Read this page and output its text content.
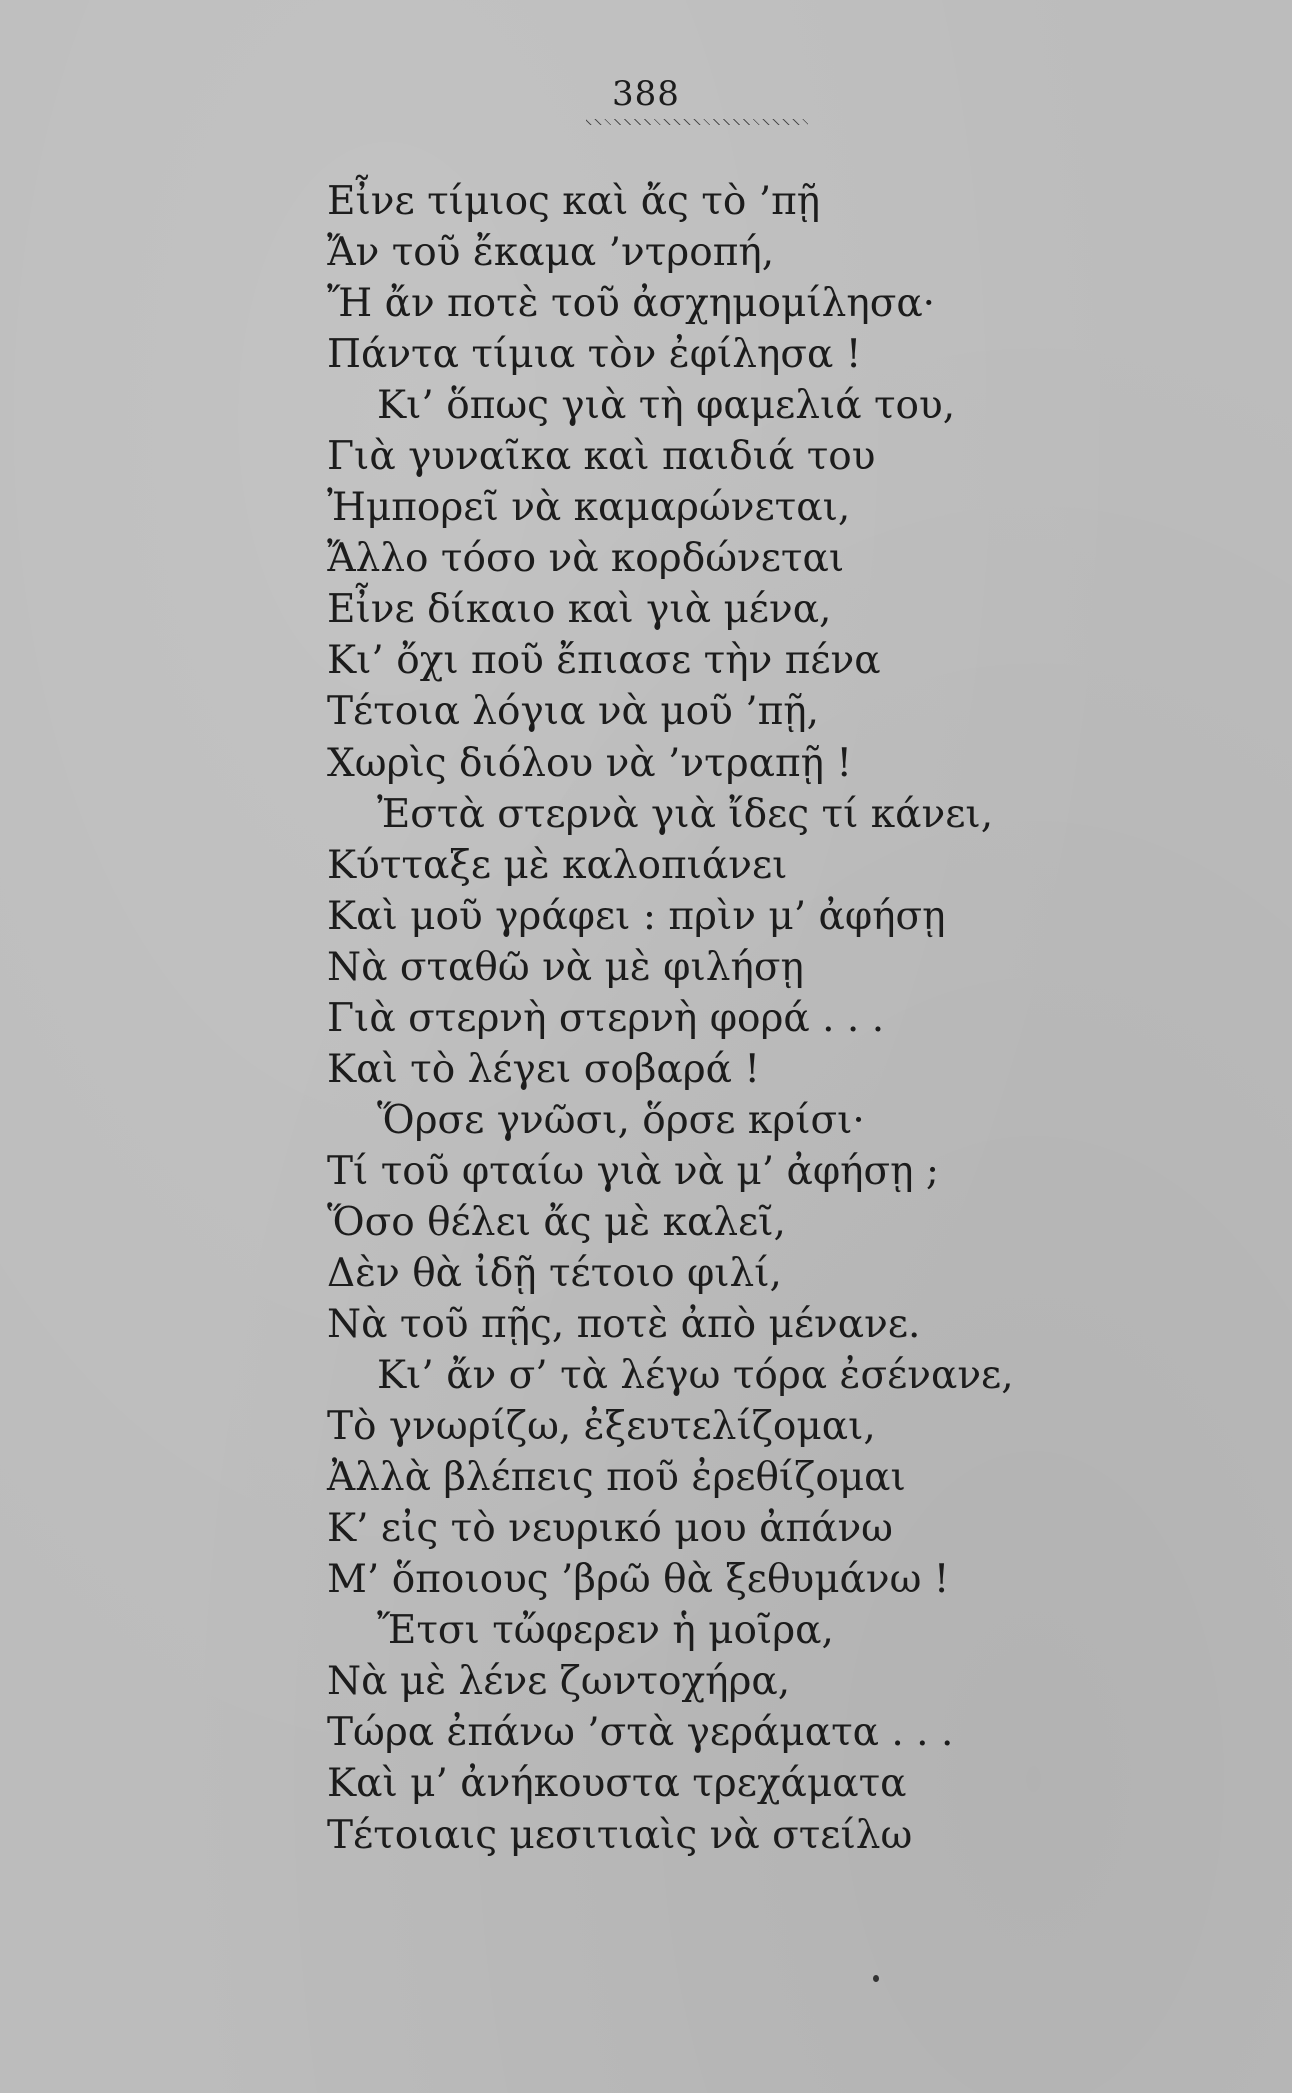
388
Εἶνε τίμιος καὶ ἄς τὸ ’πῇ
Ἄν τοῦ ἔκαμα ’ντροπή,
Ἤ ἄν ποτὲ τοῦ ἀσχημομίλησα·
Πάντα τίμια τὸν ἐφίλησα !
Κι’ ὅπως γιὰ τὴ φαμελιά του,
Γιὰ γυναῖκα καὶ παιδιά του
Ἠμπορεῖ νὰ καμαρώνεται,
Ἄλλο τόσο νὰ κορδώνεται
Εἶνε δίκαιο καὶ γιὰ μένα,
Κι’ ὄχι ποῦ ἔπιασε τὴν πένα
Τέτοια λόγια νὰ μοῦ ’πῇ,
Χωρὶς διόλου νὰ ’ντραπῇ !
Ἐστὰ στερνὰ γιὰ ἴδες τί κάνει,
Κύτταξε μὲ καλοπιάνει
Καὶ μοῦ γράφει : πρὶν μ’ ἀφήσῃ
Νὰ σταθῶ νὰ μὲ φιλήσῃ
Γιὰ στερνὴ στερνὴ φορά . . .
Καὶ τὸ λέγει σοβαρά !
Ὅρσε γνῶσι, ὅρσε κρίσι·
Τί τοῦ φταίω γιὰ νὰ μ’ ἀφήσῃ ;
Ὅσο θέλει ἄς μὲ καλεῖ,
Δὲν θὰ ἰδῇ τέτοιο φιλί,
Νὰ τοῦ πῇς, ποτὲ ἀπὸ μένανε.
Κι’ ἄν σ’ τὰ λέγω τόρα ἐσένανε,
Τὸ γνωρίζω, ἐξευτελίζομαι,
Ἀλλὰ βλέπεις ποῦ ἐρεθίζομαι
Κ’ εἰς τὸ νευρικό μου ἀπάνω
Μ’ ὅποιους ’βρῶ θὰ ξεθυμάνω !
Ἔτσι τὤφερεν ἡ μοῖρα,
Νὰ μὲ λένε ζωντοχήρα,
Τώρα ἐπάνω ’στὰ γεράματα . . .
Καὶ μ’ ἀνήκουστα τρεχάματα
Τέτοιαις μεσιτιαὶς νὰ στείλω
